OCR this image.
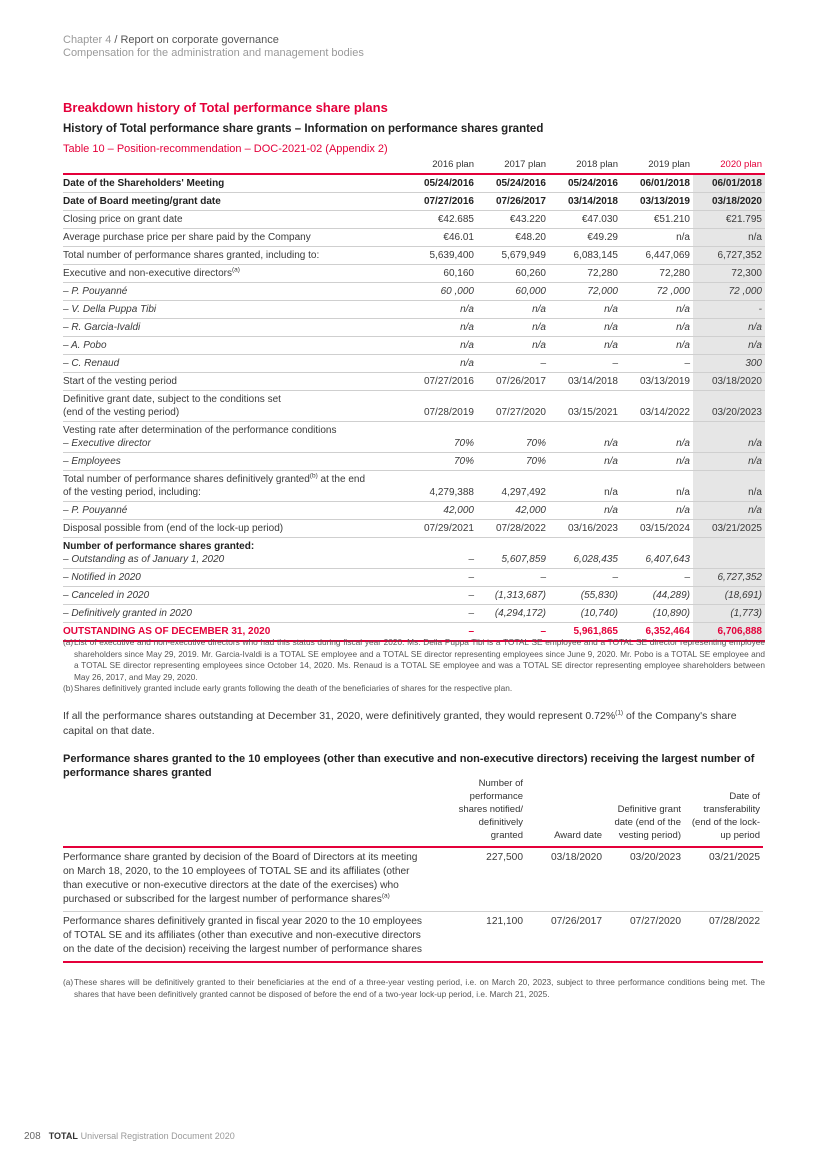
Chapter 4 / Report on corporate governance
Compensation for the administration and management bodies
Breakdown history of Total performance share plans
History of Total performance share grants – Information on performance shares granted
Table 10 – Position-recommendation – DOC-2021-02 (Appendix 2)
	2016 plan	2017 plan	2018 plan	2019 plan	2020 plan
Date of the Shareholders' Meeting	05/24/2016	05/24/2016	05/24/2016	06/01/2018	06/01/2018
Date of Board meeting/grant date	07/27/2016	07/26/2017	03/14/2018	03/13/2019	03/18/2020
Closing price on grant date	€42.685	€43.220	€47.030	€51.210	€21.795
Average purchase price per share paid by the Company	€46.01	€48.20	€49.29	n/a	n/a
Total number of performance shares granted, including to:	5,639,400	5,679,949	6,083,145	6,447,069	6,727,352
Executive and non-executive directors$^{(a)}$	60,160	60,260	72,280	72,280	72,300
– P. Pouyanné	60 ,000	60,000	72,000	72 ,000	72 ,000
– V. Della Puppa Tibi	n/a	n/a	n/a	n/a	-
– R. Garcia-Ivaldi	n/a	n/a	n/a	n/a	n/a
– A. Pobo	n/a	n/a	n/a	n/a	n/a
– C. Renaud	n/a	–	–	–	300
Start of the vesting period	07/27/2016	07/26/2017	03/14/2018	03/13/2019	03/18/2020
Definitive grant date, subject to the conditions set
(end of the vesting period)	07/28/2019	07/27/2020	03/15/2021	03/14/2022	03/20/2023
Vesting rate after determination of the performance conditions
– Executive director	70%	70%	n/a	n/a	n/a
– Employees	70%	70%	n/a	n/a	n/a
Total number of performance shares definitively granted$^{(b)}$ at the end
of the vesting period, including:	4,279,388	4,297,492	n/a	n/a	n/a
– P. Pouyanné	42,000	42,000	n/a	n/a	n/a
Disposal possible from (end of the lock-up period)	07/29/2021	07/28/2022	03/16/2023	03/15/2024	03/21/2025
Number of performance shares granted:
– Outstanding as of January 1, 2020	–	5,607,859	6,028,435	6,407,643	
– Notified in 2020	–	–	–	–	6,727,352
– Canceled in 2020	–	(1,313,687)	(55,830)	(44,289)	(18,691)
– Definitively granted in 2020	–	(4,294,172)	(10,740)	(10,890)	(1,773)
OUTSTANDING AS OF DECEMBER 31, 2020	–	–	5,961,865	6,352,464	6,706,888
(a) List of executive and non-executive directors who had this status during fiscal year 2020. Ms. Della Puppa Tibi is a TOTAL SE employee and a TOTAL SE director representing employee shareholders since May 29, 2019. Mr. Garcia-Ivaldi is a TOTAL SE employee and a TOTAL SE director representing employees since June 9, 2020. Mr. Pobo is a TOTAL SE employee and a TOTAL SE director representing employees since October 14, 2020. Ms. Renaud is a TOTAL SE employee and was a TOTAL SE director representing employee shareholders between May 26, 2017, and May 29, 2020.
(b) Shares definitively granted include early grants following the death of the beneficiaries of shares for the respective plan.
If all the performance shares outstanding at December 31, 2020, were definitively granted, they would represent 0.72%$^{(1)}$ of the Company's share capital on that date.
Performance shares granted to the 10 employees (other than executive and non-executive directors) receiving the largest number of performance shares granted
	Number of performance shares notified/ definitively granted	Award date	Definitive grant date (end of the vesting period)	Date of transferability (end of the lock-up period
Performance share granted by decision of the Board of Directors at its meeting on March 18, 2020, to the 10 employees of TOTAL SE and its affiliates (other than executive or non-executive directors at the date of the exercises) who purchased or subscribed for the largest number of performance shares$^{(a)}$	227,500	03/18/2020	03/20/2023	03/21/2025
Performance shares definitively granted in fiscal year 2020 to the 10 employees of TOTAL SE and its affiliates (other than executive and non-executive directors on the date of the decision) receiving the largest number of performance shares	121,100	07/26/2017	07/27/2020	07/28/2022
(a) These shares will be definitively granted to their beneficiaries at the end of a three-year vesting period, i.e. on March 20, 2023, subject to three performance conditions being met. The shares that have been definitively granted cannot be disposed of before the end of a two-year lock-up period, i.e. March 21, 2025.
208 TOTAL Universal Registration Document 2020
